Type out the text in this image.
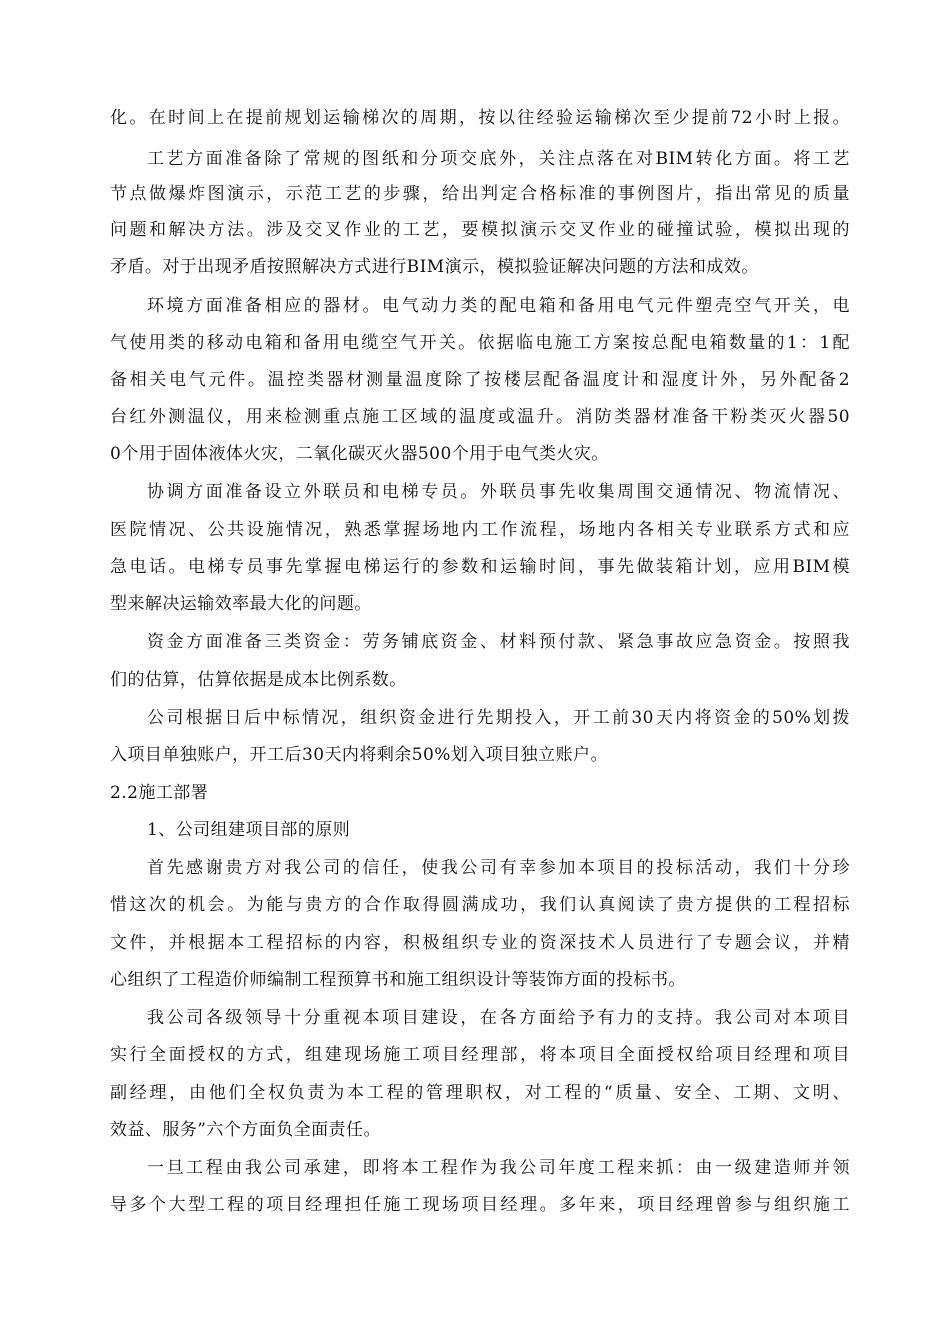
化。在时间上在提前规划运输梯次的周期，按以往经验运输梯次至少提前72小时上报。
工艺方面准备除了常规的图纸和分项交底外，关注点落在对BIM转化方面。将工艺
节点做爆炸图演示，示范工艺的步骤，给出判定合格标准的事例图片，指出常见的质量
问题和解决方法。涉及交叉作业的工艺，要模拟演示交叉作业的碰撞试验，模拟出现的
矛盾。对于出现矛盾按照解决方式进行BIM演示，模拟验证解决问题的方法和成效。
环境方面准备相应的器材。电气动力类的配电箱和备用电气元件塑壳空气开关，电
气使用类的移动电箱和备用电缆空气开关。依据临电施工方案按总配电箱数量的1：1配
备相关电气元件。温控类器材测量温度除了按楼层配备温度计和湿度计外，另外配备2
台红外测温仪，用来检测重点施工区域的温度或温升。消防类器材准备干粉类灭火器50
0个用于固体液体火灾，二氧化碳灭火器500个用于电气类火灾。
协调方面准备设立外联员和电梯专员。外联员事先收集周围交通情况、物流情况、
医院情况、公共设施情况，熟悉掌握场地内工作流程，场地内各相关专业联系方式和应
急电话。电梯专员事先掌握电梯运行的参数和运输时间，事先做装箱计划，应用BIM模
型来解决运输效率最大化的问题。
资金方面准备三类资金：劳务铺底资金、材料预付款、紧急事故应急资金。按照我
们的估算，估算依据是成本比例系数。
公司根据日后中标情况，组织资金进行先期投入，开工前30天内将资金的50%划拨
入项目单独账户，开工后30天内将剩余50%划入项目独立账户。
2.2施工部署
1、公司组建项目部的原则
首先感谢贵方对我公司的信任，使我公司有幸参加本项目的投标活动，我们十分珍
惜这次的机会。为能与贵方的合作取得圆满成功，我们认真阅读了贵方提供的工程招标
文件，并根据本工程招标的内容，积极组织专业的资深技术人员进行了专题会议，并精
心组织了工程造价师编制工程预算书和施工组织设计等装饰方面的投标书。
我公司各级领导十分重视本项目建设，在各方面给予有力的支持。我公司对本项目
实行全面授权的方式，组建现场施工项目经理部，将本项目全面授权给项目经理和项目
副经理，由他们全权负责为本工程的管理职权，对工程的“质量、安全、工期、文明、
效益、服务”六个方面负全面责任。
一旦工程由我公司承建，即将本工程作为我公司年度工程来抓：由一级建造师并领
导多个大型工程的项目经理担任施工现场项目经理。多年来，项目经理曾参与组织施工
